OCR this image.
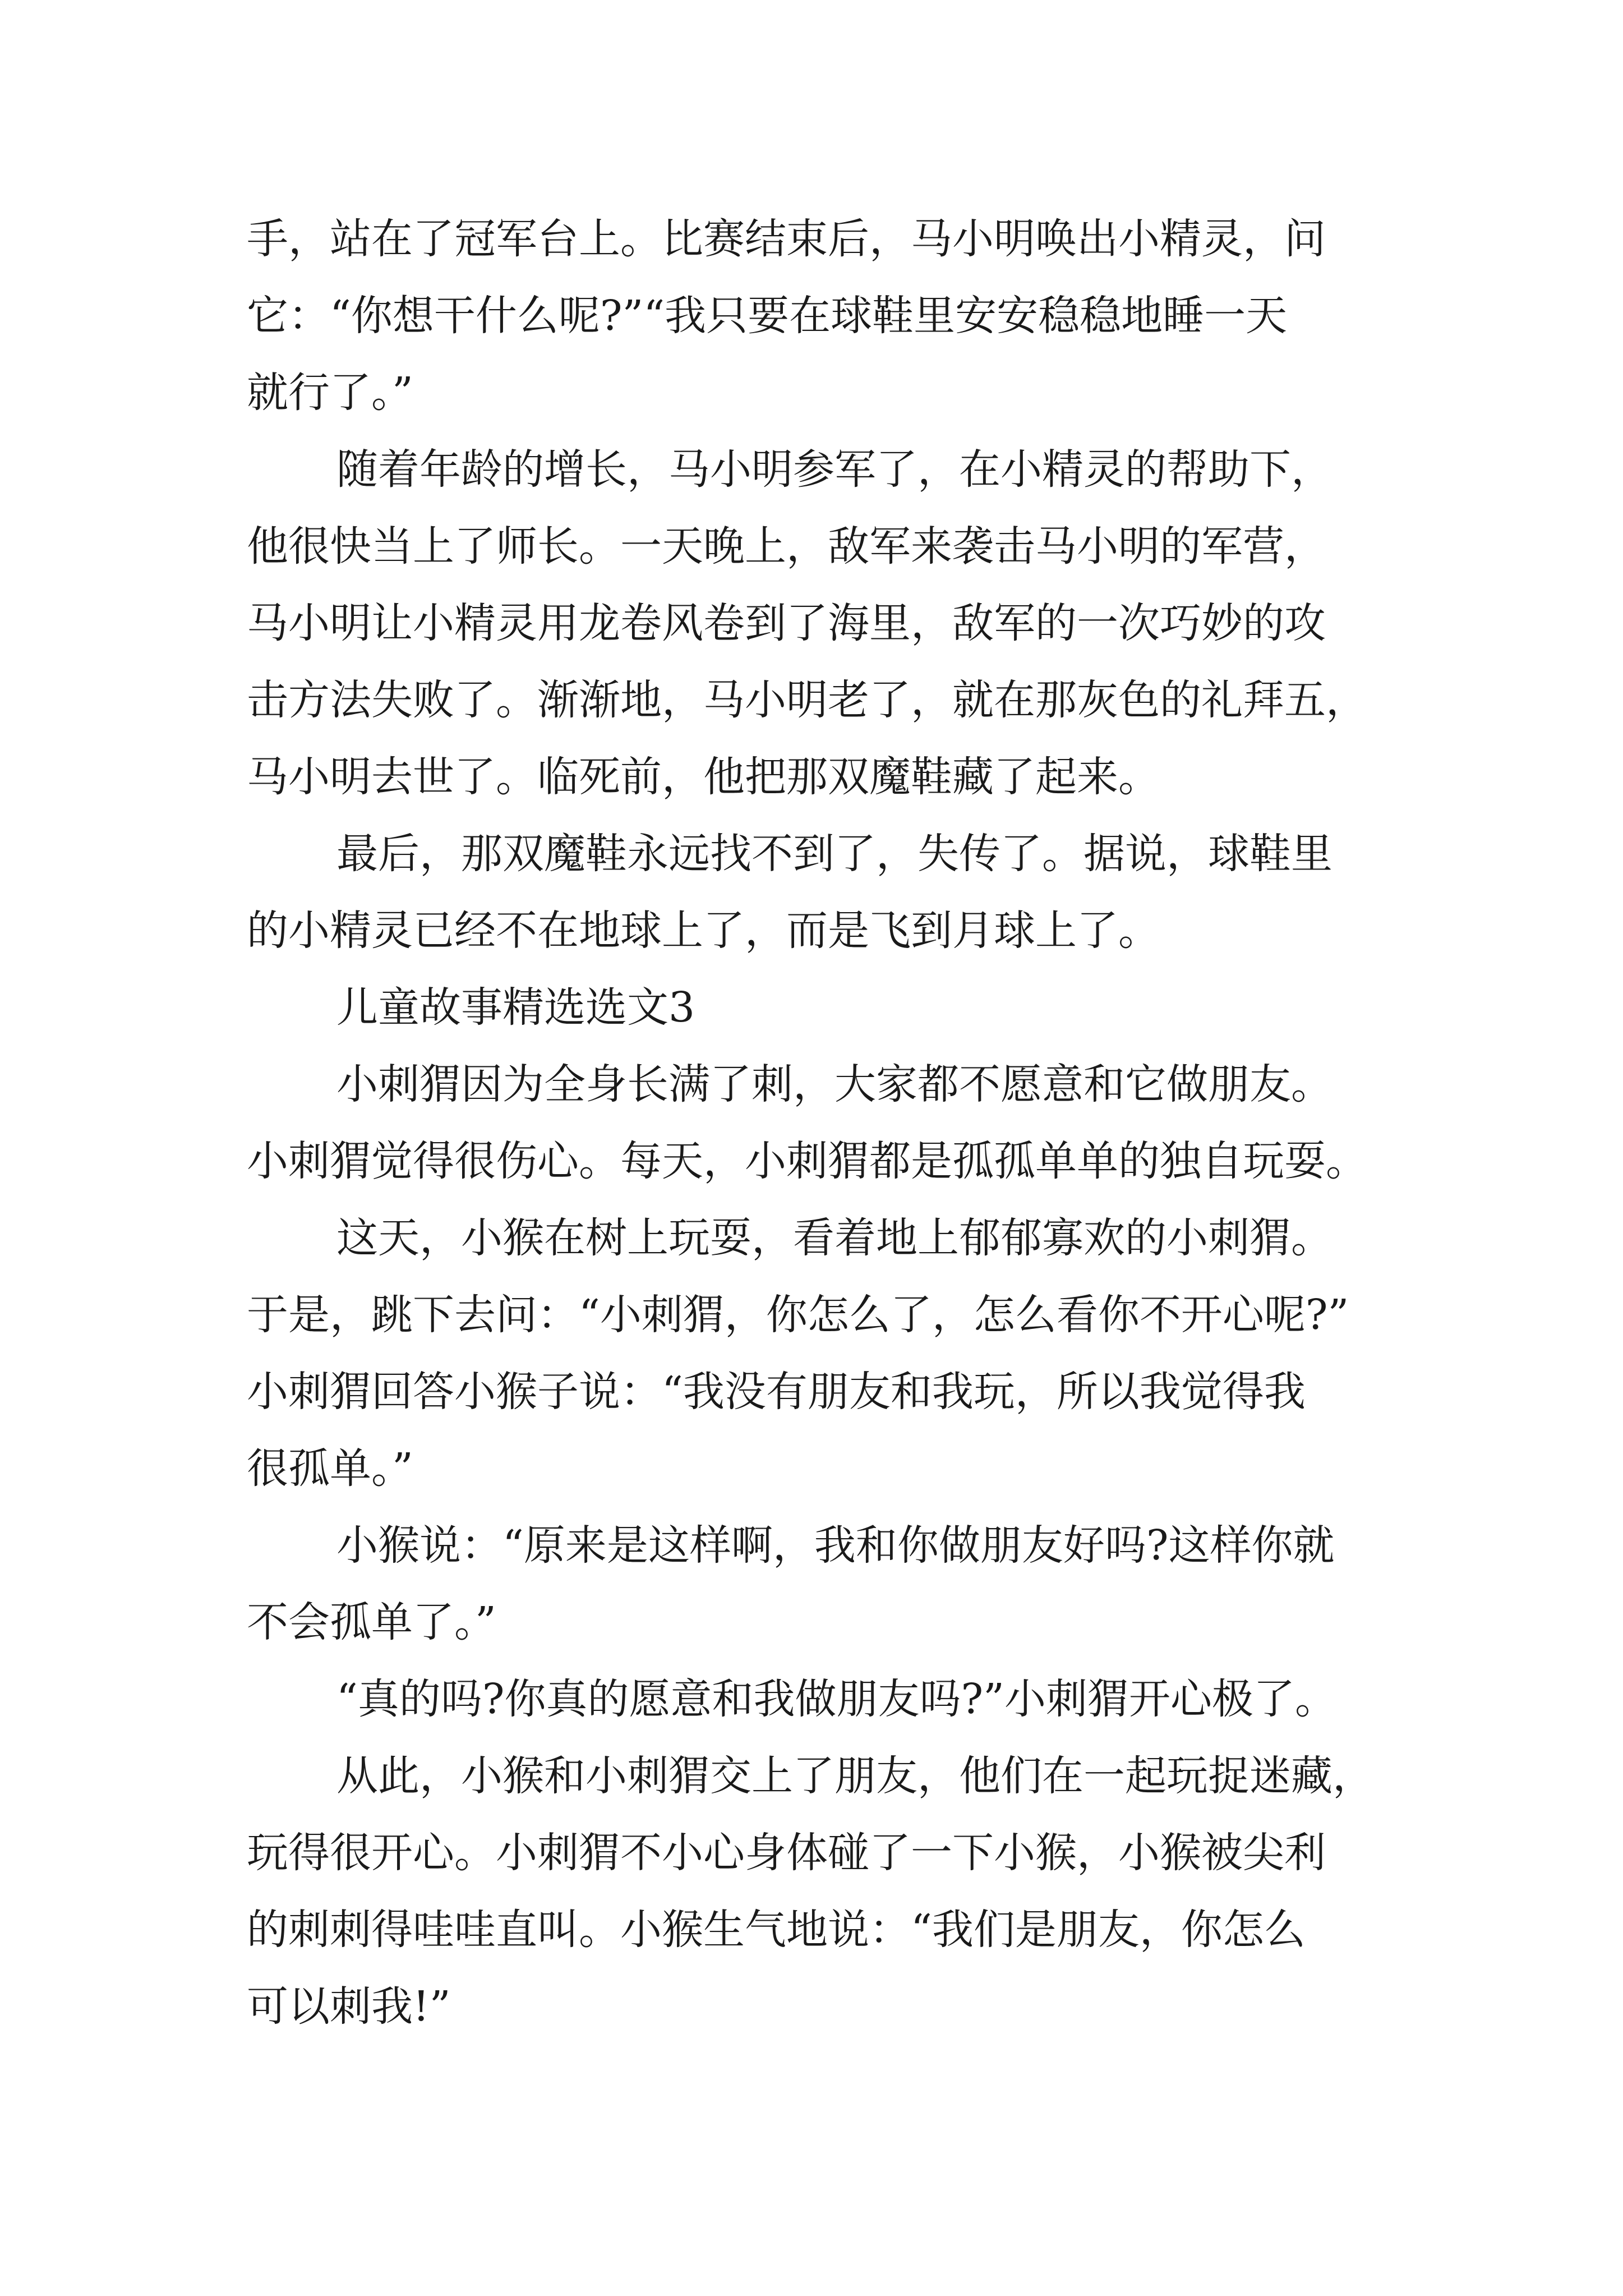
手，站在了冠军台上。比赛结束后，马小明唤出小精灵，问
它：“你想干什么呢?”“我只要在球鞋里安安稳稳地睡一天
就行了。”
随着年龄的增长，马小明参军了，在小精灵的帮助下，
他很快当上了师长。一天晚上，敌军来袭击马小明的军营，
马小明让小精灵用龙卷风卷到了海里，敌军的一次巧妙的攻
击方法失败了。渐渐地，马小明老了，就在那灰色的礼拜五，
马小明去世了。临死前，他把那双魔鞋藏了起来。
最后，那双魔鞋永远找不到了，失传了。据说，球鞋里
的小精灵已经不在地球上了，而是飞到月球上了。
儿童故事精选选文3
小刺猬因为全身长满了刺，大家都不愿意和它做朋友。
小刺猬觉得很伤心。每天，小刺猬都是孤孤单单的独自玩耍。
这天，小猴在树上玩耍，看着地上郁郁寡欢的小刺猬。
于是，跳下去问：“小刺猬，你怎么了，怎么看你不开心呢?”
小刺猬回答小猴子说：“我没有朋友和我玩，所以我觉得我
很孤单。”
小猴说：“原来是这样啊，我和你做朋友好吗?这样你就
不会孤单了。”
“真的吗?你真的愿意和我做朋友吗?”小刺猬开心极了。
从此，小猴和小刺猬交上了朋友，他们在一起玩捉迷藏，
玩得很开心。小刺猬不小心身体碰了一下小猴，小猴被尖利
的刺刺得哇哇直叫。小猴生气地说：“我们是朋友，你怎么
可以刺我!”
